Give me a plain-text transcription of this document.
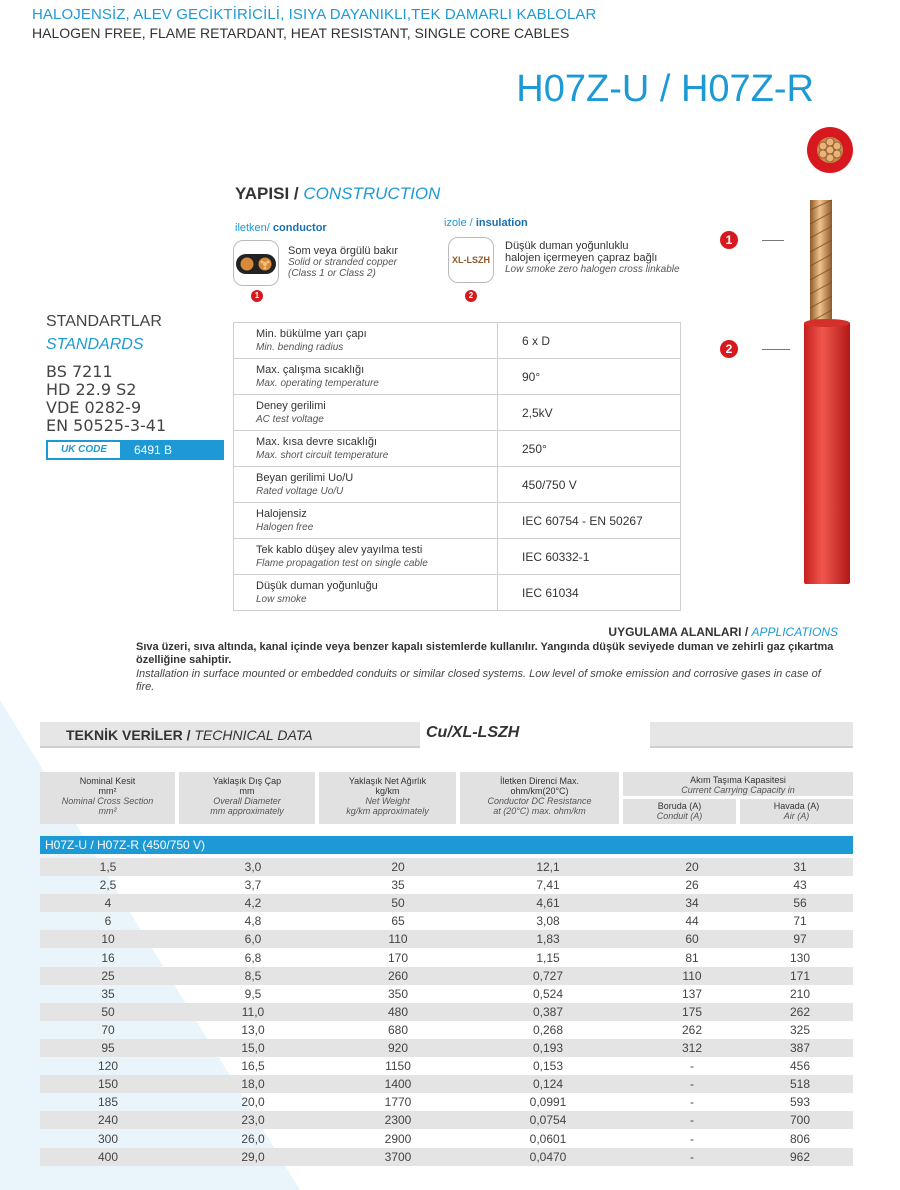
HALOJENSİZ, ALEV GECİKTİRİCİLİ, ISIYA DAYANIKLI,TEK DAMARLI KABLOLAR
HALOGEN FREE, FLAME RETARDANT, HEAT RESISTANT, SINGLE CORE CABLES
H07Z-U / H07Z-R
YAPISI / CONSTRUCTION
iletken/ conductor
1
Som veya örgülü bakır
Solid or stranded copper
(Class 1 or Class 2)
izole / insulation
XL-LSZH
2
Düşük duman yoğunluklu
halojen içermeyen çapraz bağlı
Low smoke zero halogen cross linkable
1
2
STANDARTLAR
STANDARDS
BS 7211
HD 22.9 S2
VDE 0282-9
EN 50525-3-41
UK CODE	6491 B
Min. bükülme yarı çapı
Min. bending radius	6 x D

Max. çalışma sıcaklığı
Max. operating temperature	90°

Deney gerilimi
AC test voltage	2,5kV

Max. kısa devre sıcaklığı
Max. short circuit temperature	250°

Beyan gerilimi Uo/U
Rated voltage Uo/U	450/750 V

Halojensiz
Halogen free	IEC 60754 - EN 50267

Tek kablo düşey alev yayılma testi
Flame propagation test on single cable	IEC 60332-1

Düşük duman yoğunluğu
Low smoke	IEC 61034
UYGULAMA ALANLARI / APPLICATIONS
Sıva üzeri, sıva altında, kanal içinde veya benzer kapalı sistemlerde kullanılır. Yangında düşük seviyede duman ve zehirli gaz çıkartma özelliğine sahiptir.
Installation in surface mounted or embedded conduits or similar closed systems. Low level of smoke emission and corrosive gases in case of fire.
TEKNİK VERİLER / TECHNICAL DATA	Cu/XL-LSZH
Nominal Kesit
mm²
Nominal Cross Section
mm²
Yaklaşık Dış Çap
mm
Overall Diameter
mm approximately
Yaklaşık Net Ağırlık
kg/km
Net Weight
kg/km approximately
İletken Direnci Max.
ohm/km(20°C)
Conductor DC Resistance
at (20°C) max. ohm/km
Akım Taşıma Kapasitesi
Current Carrying Capacity in
Boruda (A)
Conduit (A)
Havada (A)
Air (A)
H07Z-U / H07Z-R (450/750 V)
1,5	3,0	20	12,1	20	31
2,5	3,7	35	7,41	26	43
4	4,2	50	4,61	34	56
6	4,8	65	3,08	44	71
10	6,0	110	1,83	60	97
16	6,8	170	1,15	81	130
25	8,5	260	0,727	110	171
35	9,5	350	0,524	137	210
50	11,0	480	0,387	175	262
70	13,0	680	0,268	262	325
95	15,0	920	0,193	312	387
120	16,5	1150	0,153	-	456
150	18,0	1400	0,124	-	518
185	20,0	1770	0,0991	-	593
240	23,0	2300	0,0754	-	700
300	26,0	2900	0,0601	-	806
400	29,0	3700	0,0470	-	962
